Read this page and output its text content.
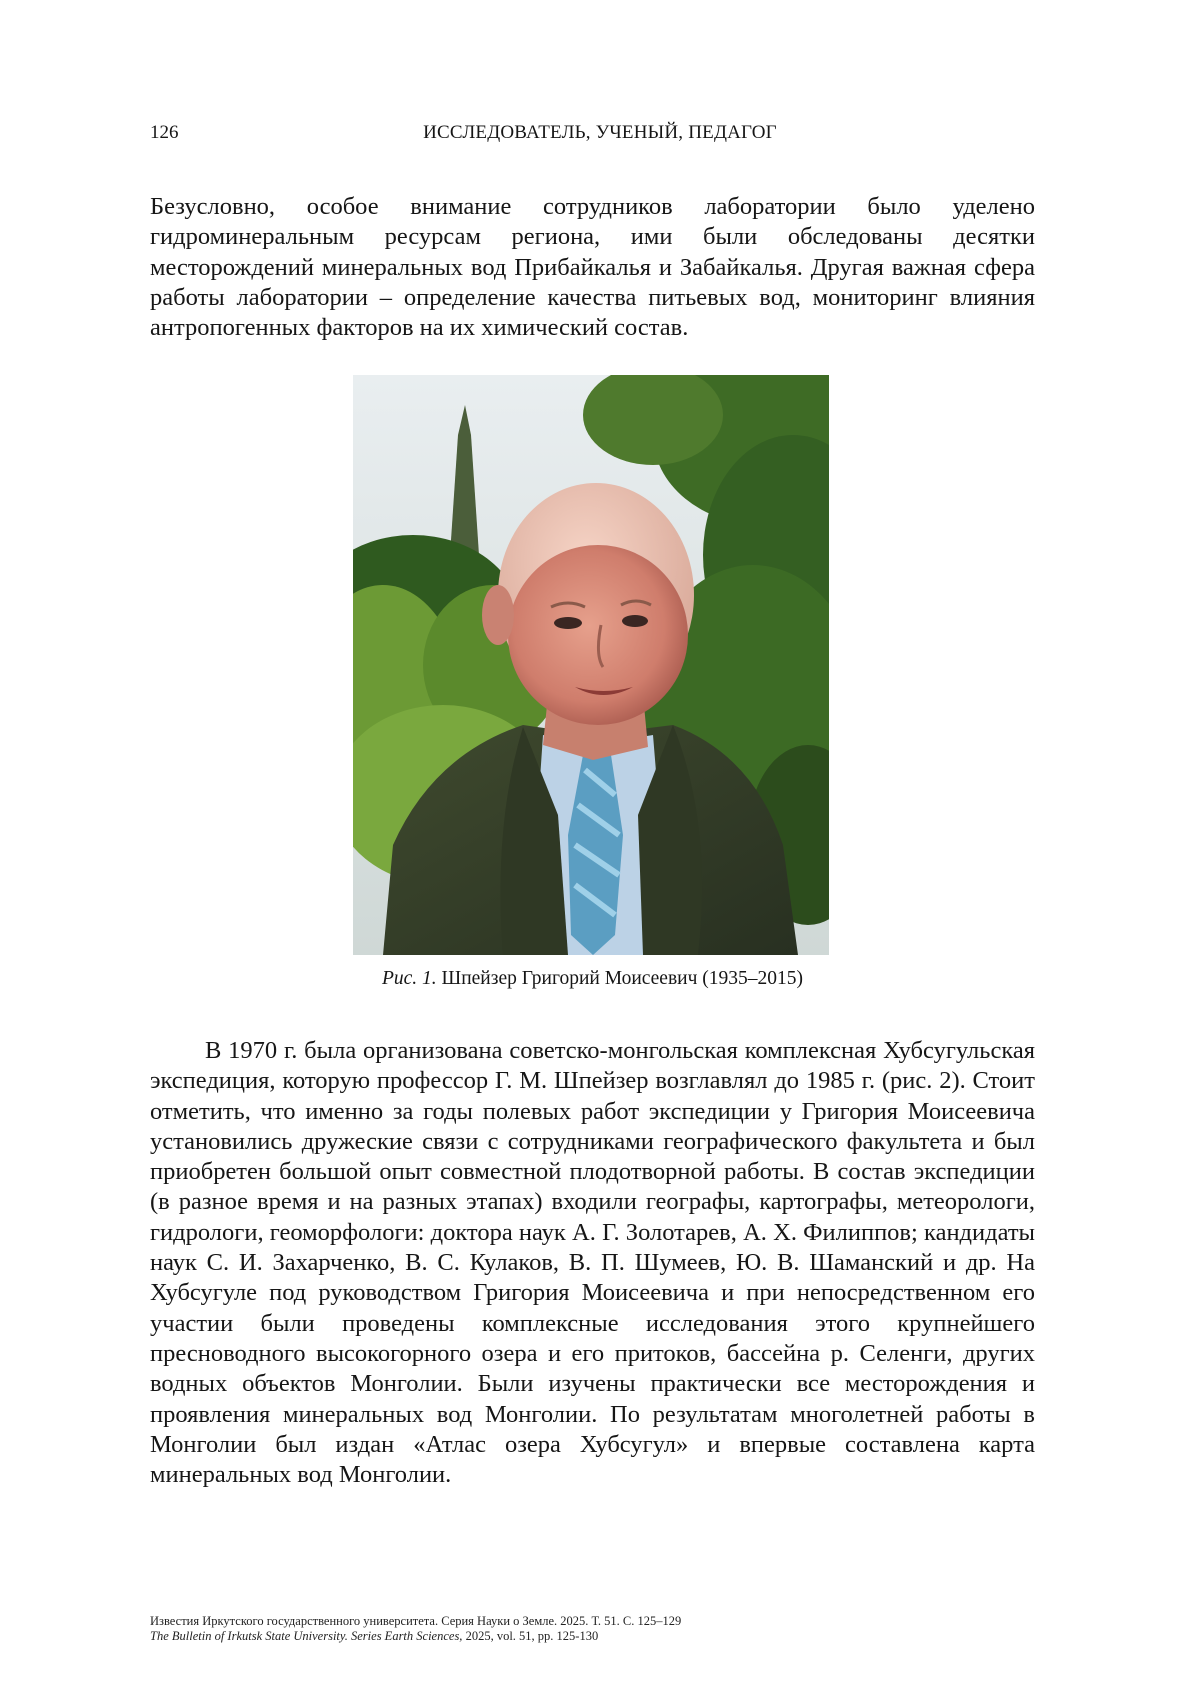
126	ИССЛЕДОВАТЕЛЬ, УЧЕНЫЙ, ПЕДАГОГ

Безусловно, особое внимание сотрудников лаборатории было уделено гидроминеральным ресурсам региона, ими были обследованы десятки месторождений минеральных вод Прибайкалья и Забайкалья. Другая важная сфера работы лаборатории – определение качества питьевых вод, мониторинг влияния антропогенных факторов на их химический состав.

Рис. 1. Шпейзер Григорий Моисеевич (1935–2015)

В 1970 г. была организована советско-монгольская комплексная Хубсугульская экспедиция, которую профессор Г. М. Шпейзер возглавлял до 1985 г. (рис. 2). Стоит отметить, что именно за годы полевых работ экспедиции у Григория Моисеевича установились дружеские связи с сотрудниками географического факультета и был приобретен большой опыт совместной плодотворной работы. В состав экспедиции (в разное время и на разных этапах) входили географы, картографы, метеорологи, гидрологи, геоморфологи: доктора наук А. Г. Золотарев, А. Х. Филиппов; кандидаты наук С. И. Захарченко, В. С. Кулаков, В. П. Шумеев, Ю. В. Шаманский и др. На Хубсугуле под руководством Григория Моисеевича и при непосредственном его участии были проведены комплексные исследования этого крупнейшего пресноводного высокогорного озера и его притоков, бассейна р. Селенги, других водных объектов Монголии. Были изучены практически все месторождения и проявления минеральных вод Монголии. По результатам многолетней работы в Монголии был издан «Атлас озера Хубсугул» и впервые составлена карта минеральных вод Монголии.

Известия Иркутского государственного университета. Серия Науки о Земле. 2025. Т. 51. С. 125–129
The Bulletin of Irkutsk State University. Series Earth Sciences, 2025, vol. 51, pp. 125-130
